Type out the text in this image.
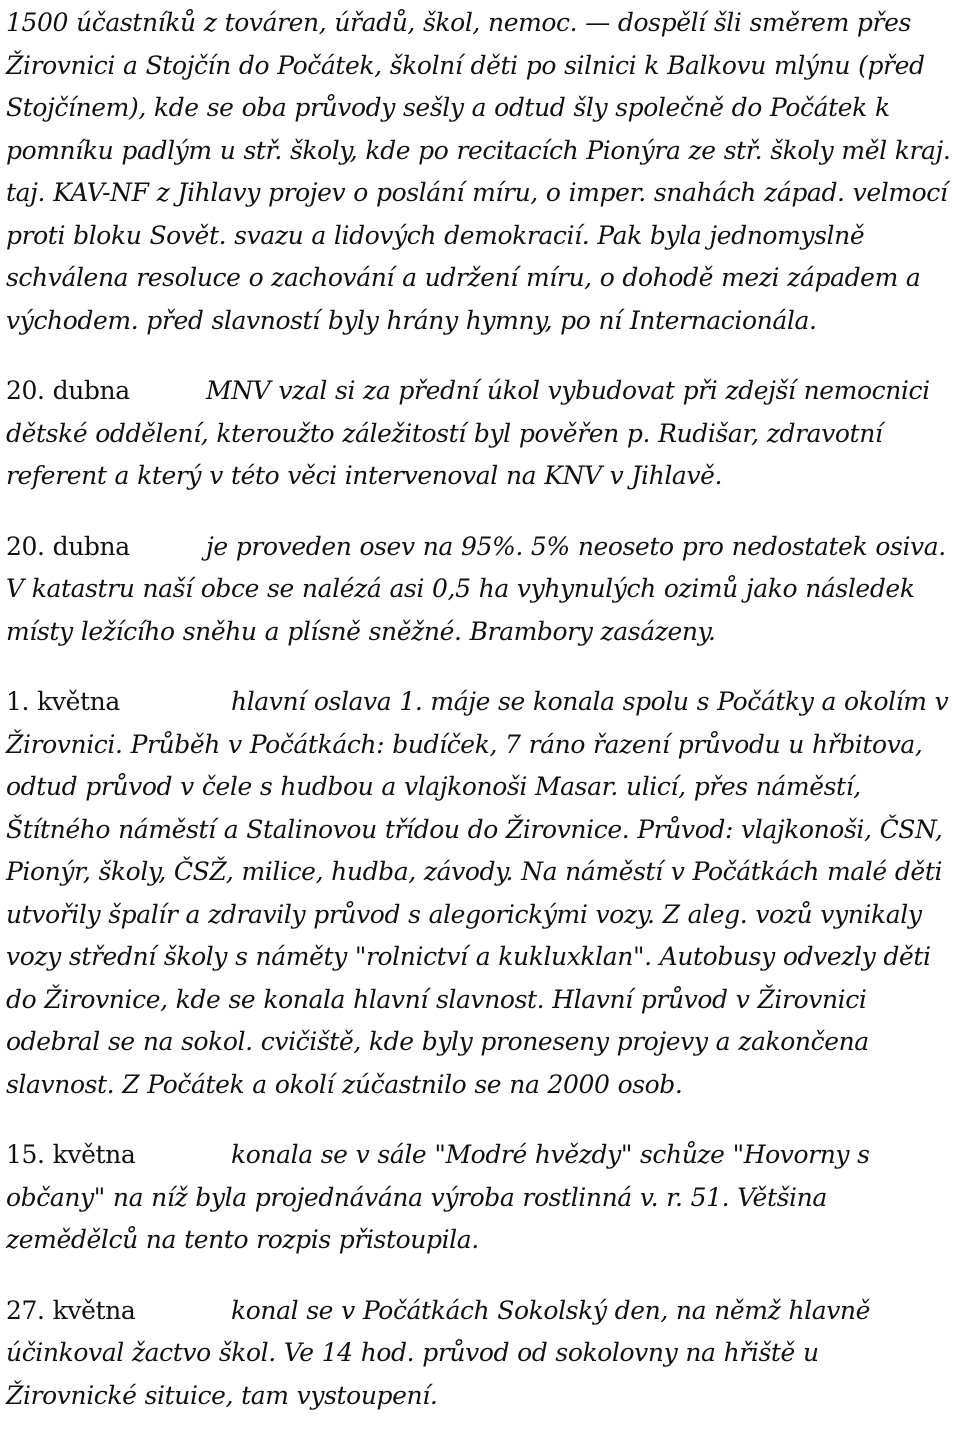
1500 účastníků z továren, úřadů, škol, nemoc. — dospělí šli směrem přes Žirovnici a Stojčín do Počátek, školní děti po silnici k Balkovu mlýnu (před Stojčínem), kde se oba průvody sešly a odtud šly společně do Počátek k pomníku padlým u stř. školy, kde po recitacích Pionýra ze stř. školy měl kraj. taj. KAV-NF z Jihlavy projev o poslání míru, o imper. snahách západ. velmocí proti bloku Sovět. svazu a lidových demokracií. Pak byla jednomyslně schválena resoluce o zachování a udržení míru, o dohodě mezi západem a východem. před slavností byly hrány hymny, po ní Internacionála.

20. dubna	MNV vzal si za přední úkol vybudovat při zdejší nemocnici dětské oddělení, kteroužto záležitostí byl pověřen p. Rudišar, zdravotní referent a který v této věci intervenoval na KNV v Jihlavě.

20. dubna	je proveden osev na 95%. 5% neoseto pro nedostatek osiva. V katastru naší obce se nalézá asi 0,5 ha vyhynulých ozimů jako následek místy ležícího sněhu a plísně sněžné. Brambory zasázeny.

1. května	hlavní oslava 1. máje se konala spolu s Počátky a okolím v Žirovnici. Průběh v Počátkách: budíček, 7 ráno řazení průvodu u hřbitova, odtud průvod v čele s hudbou a vlajkonoši Masar. ulicí, přes náměstí, Štítného náměstí a Stalinovou třídou do Žirovnice. Průvod: vlajkonoši, ČSN, Pionýr, školy, ČSŽ, milice, hudba, závody. Na náměstí v Počátkách malé děti utvořily špalír a zdravily průvod s alegorickými vozy. Z aleg. vozů vynikaly vozy střední školy s náměty "rolnictví a kukluxklan". Autobusy odvezly děti do Žirovnice, kde se konala hlavní slavnost. Hlavní průvod v Žirovnici odebral se na sokol. cvičiště, kde byly proneseny projevy a zakončena slavnost. Z Počátek a okolí zúčastnilo se na 2000 osob.

15. května	konala se v sále "Modré hvězdy" schůze "Hovorny s občany" na níž byla projednávána výroba rostlinná v. r. 51. Většina zemědělců na tento rozpis přistoupila.

27. května	konal se v Počátkách Sokolský den, na němž hlavně účinkoval žactvo škol. Ve 14 hod. průvod od sokolovny na hřiště u Žirovnické situice, tam vystoupení.
